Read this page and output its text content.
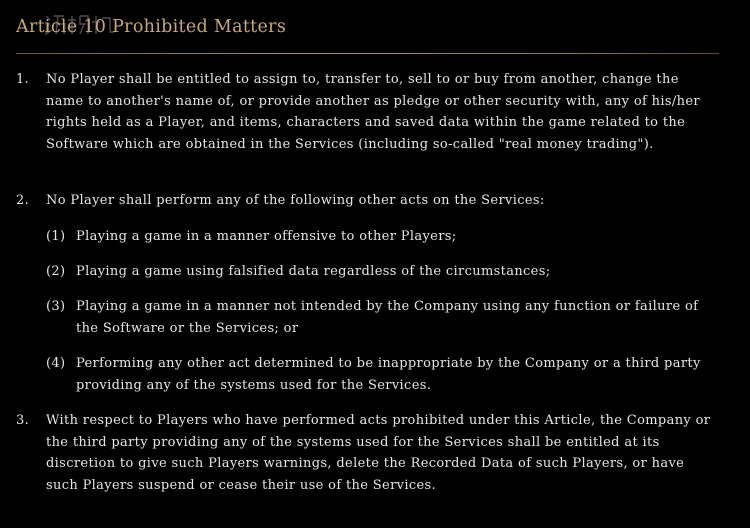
Article 10 Prohibited Matters
1.	No Player shall be entitled to assign to, transfer to, sell to or buy from another, change the name to another's name of, or provide another as pledge or other security with, any of his/her rights held as a Player, and items, characters and saved data within the game related to the Software which are obtained in the Services (including so-called "real money trading").
2.	No Player shall perform any of the following other acts on the Services:
(1) Playing a game in a manner offensive to other Players;
(2) Playing a game using falsified data regardless of the circumstances;
(3) Playing a game in a manner not intended by the Company using any function or failure of the Software or the Services; or
(4) Performing any other act determined to be inappropriate by the Company or a third party providing any of the systems used for the Services.
3.	With respect to Players who have performed acts prohibited under this Article, the Company or the third party providing any of the systems used for the Services shall be entitled at its discretion to give such Players warnings, delete the Recorded Data of such Players, or have such Players suspend or cease their use of the Services.
